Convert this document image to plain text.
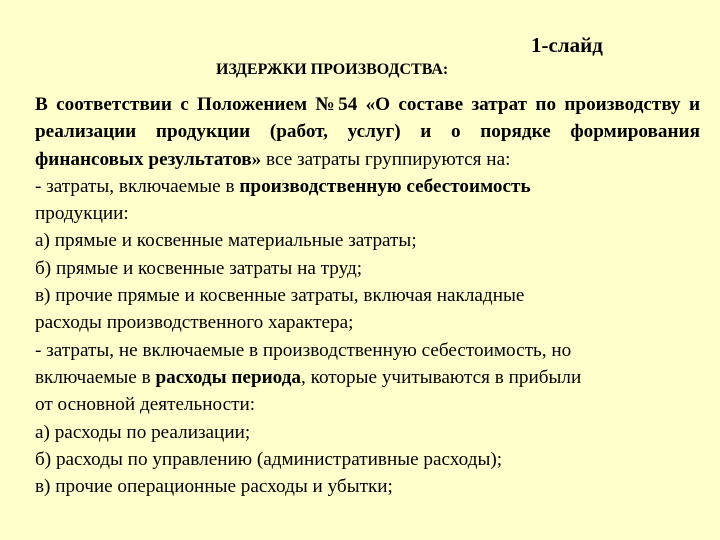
1-слайд
ИЗДЕРЖКИ ПРОИЗВОДСТВА:

В соответствии с Положением №54 «О составе затрат по производству и реализации продукции (работ, услуг) и о порядке формирования финансовых результатов» все затраты группируются на:

- затраты, включаемые в производственную себестоимость

продукции:

а) прямые и косвенные материальные затраты;

б) прямые и косвенные затраты на труд;

в) прочие прямые и косвенные затраты, включая накладные

расходы производственного характера;

- затраты, не включаемые в производственную себестоимость, но

включаемые в расходы периода, которые учитываются в прибыли

от основной деятельности:

а) расходы по реализации;

б) расходы по управлению (административные расходы);

в) прочие операционные расходы и убытки;
